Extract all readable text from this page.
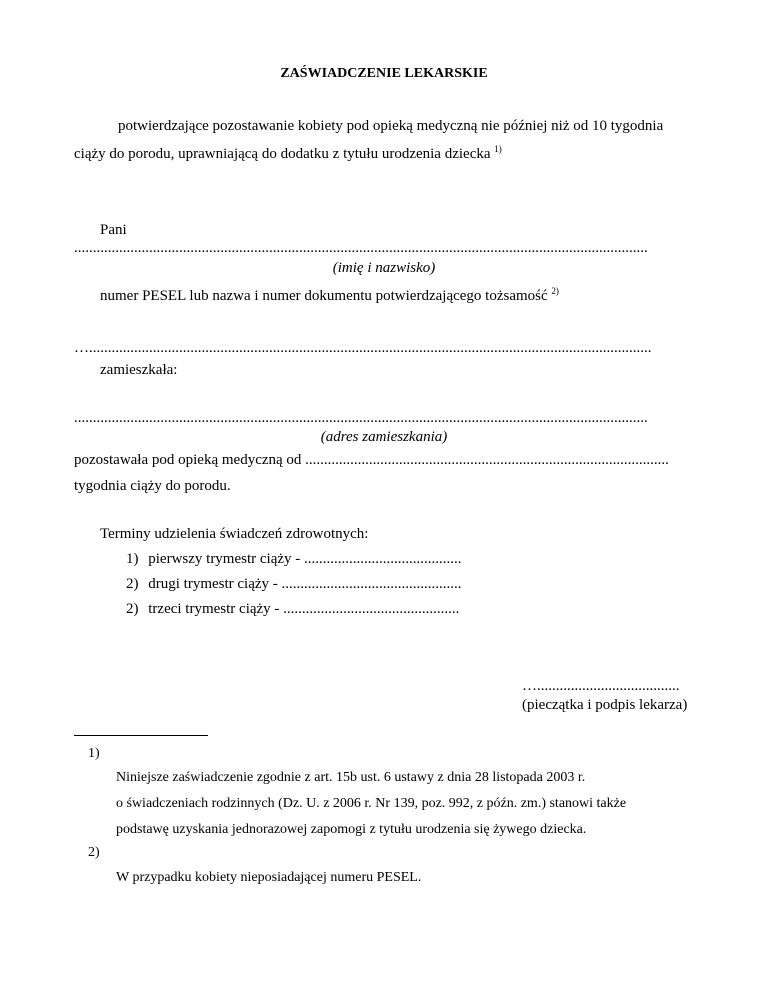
ZAŚWIADCZENIE LEKARSKIE
potwierdzające pozostawanie kobiety pod opieką medyczną nie później niż od 10 tygodnia
ciąży do porodu, uprawniającą do dodatku z tytułu urodzenia dziecka $^{1)}$
Pani
.........................................................................................................................................................
(imię i nazwisko)
numer PESEL lub nazwa i numer dokumentu potwierdzającego tożsamość $^{2)}$
…......................................................................................................................................................
zamieszkała:
.........................................................................................................................................................
(adres zamieszkania)
pozostawała pod opieką medyczną od .................................................................................................
tygodnia ciąży do porodu.
Terminy udzielenia świadczeń zdrowotnych:
1) pierwszy trymestr ciąży - ..........................................
2) drugi trymestr ciąży - ................................................
2) trzeci trymestr ciąży - ...............................................
…......................................
(pieczątka i podpis lekarza)
1)
Niniejsze zaświadczenie zgodnie z art. 15b ust. 6 ustawy z dnia 28 listopada 2003 r.
o świadczeniach rodzinnych (Dz. U. z 2006 r. Nr 139, poz. 992, z późn. zm.) stanowi także
podstawę uzyskania jednorazowej zapomogi z tytułu urodzenia się żywego dziecka.
2)
W przypadku kobiety nieposiadającej numeru PESEL.
